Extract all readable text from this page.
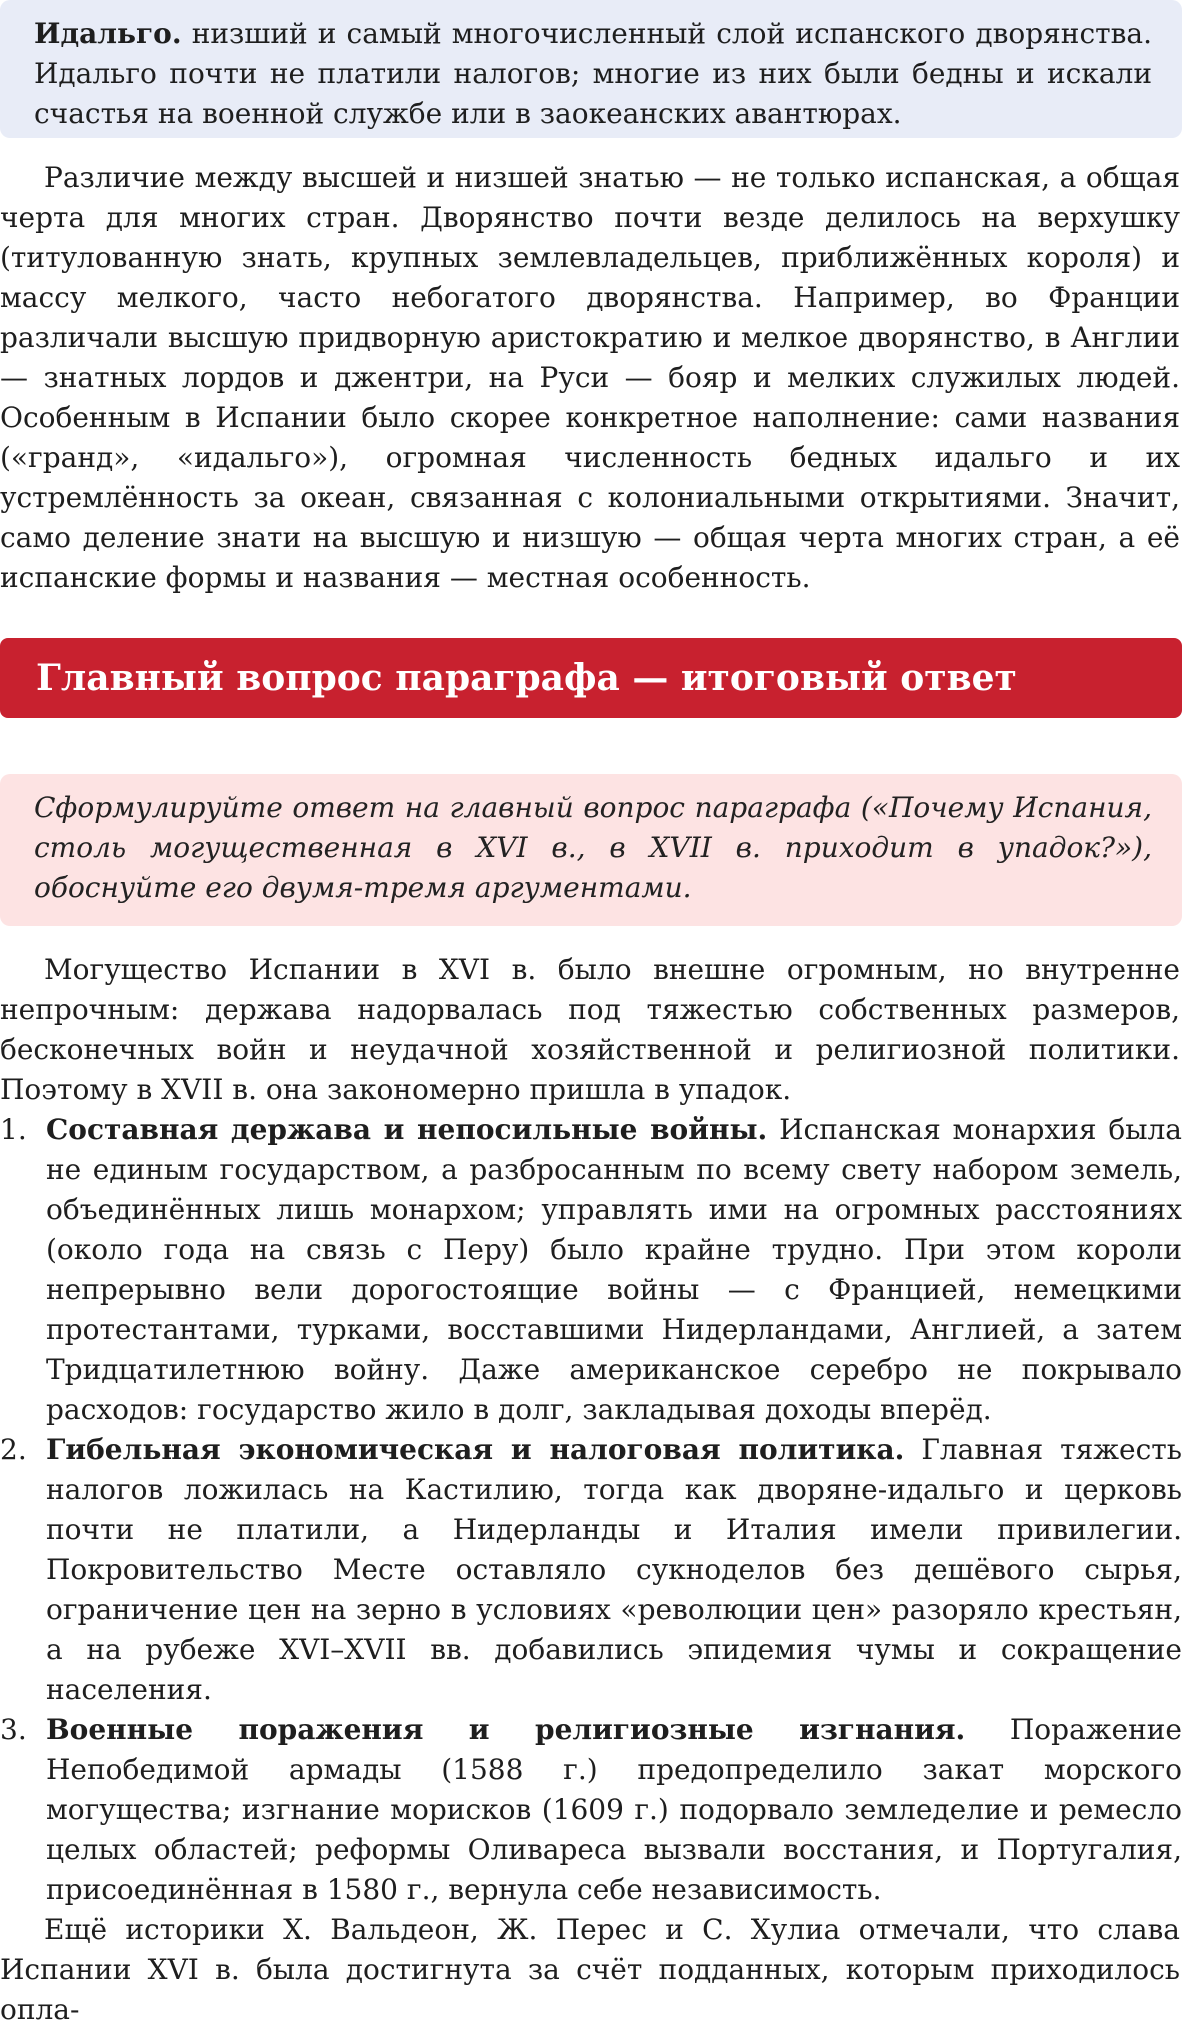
Идальго. низший и самый многочисленный слой испанского дворянства. Идальго почти не платили налогов; многие из них были бедны и искали счастья на военной службе или в заокеанских авантюрах.

Различие между высшей и низшей знатью — не только испанская, а общая черта для многих стран. Дворянство почти везде делилось на верхушку (титулованную знать, крупных землевладельцев, приближённых короля) и массу мелкого, часто небогатого дворянства. Например, во Франции различали высшую придворную аристократию и мелкое дворянство, в Англии — знатных лордов и джентри, на Руси — бояр и мелких служилых людей. Особенным в Испании было скорее конкретное наполнение: сами названия («гранд», «идальго»), огромная численность бедных идальго и их устремлённость за океан, связанная с колониальными открытиями. Значит, само деление знати на высшую и низшую — общая черта многих стран, а её испанские формы и названия — местная особенность.

Главный вопрос параграфа — итоговый ответ
Сформулируйте ответ на главный вопрос параграфа («Почему Испания, столь могущественная в XVI в., в XVII в. приходит в упадок?»), обоснуйте его двумя-тремя аргументами.

Могущество Испании в XVI в. было внешне огромным, но внутренне непрочным: держава надорвалась под тяжестью собственных размеров, бесконечных войн и неудачной хозяйственной и религиозной политики. Поэтому в XVII в. она закономерно пришла в упадок.

1. Составная держава и непосильные войны. Испанская монархия была не единым государством, а разбросанным по всему свету набором земель, объединённых лишь монархом; управлять ими на огромных расстояниях (около года на связь с Перу) было крайне трудно. При этом короли непрерывно вели дорогостоящие войны — с Францией, немецкими протестантами, турками, восставшими Нидерландами, Англией, а затем Тридцатилетнюю войну. Даже американское серебро не покрывало расходов: государство жило в долг, закладывая доходы вперёд.
2. Гибельная экономическая и налоговая политика. Главная тяжесть налогов ложилась на Кастилию, тогда как дворяне-идальго и церковь почти не платили, а Нидерланды и Италия имели привилегии. Покровительство Месте оставляло сукноделов без дешёвого сырья, ограничение цен на зерно в условиях «революции цен» разоряло крестьян, а на рубеже XVI–XVII вв. добавились эпидемия чумы и сокращение населения.
3. Военные поражения и религиозные изгнания. Поражение Непобедимой армады (1588 г.) предопределило закат морского могущества; изгнание морисков (1609 г.) подорвало земледелие и ремесло целых областей; реформы Оливареса вызвали восстания, и Португалия, присоединённая в 1580 г., вернула себе независимость.

Ещё историки Х. Вальдеон, Ж. Перес и С. Хулиа отмечали, что слава Испании XVI в. была достигнута за счёт подданных, которым приходилось опла-
